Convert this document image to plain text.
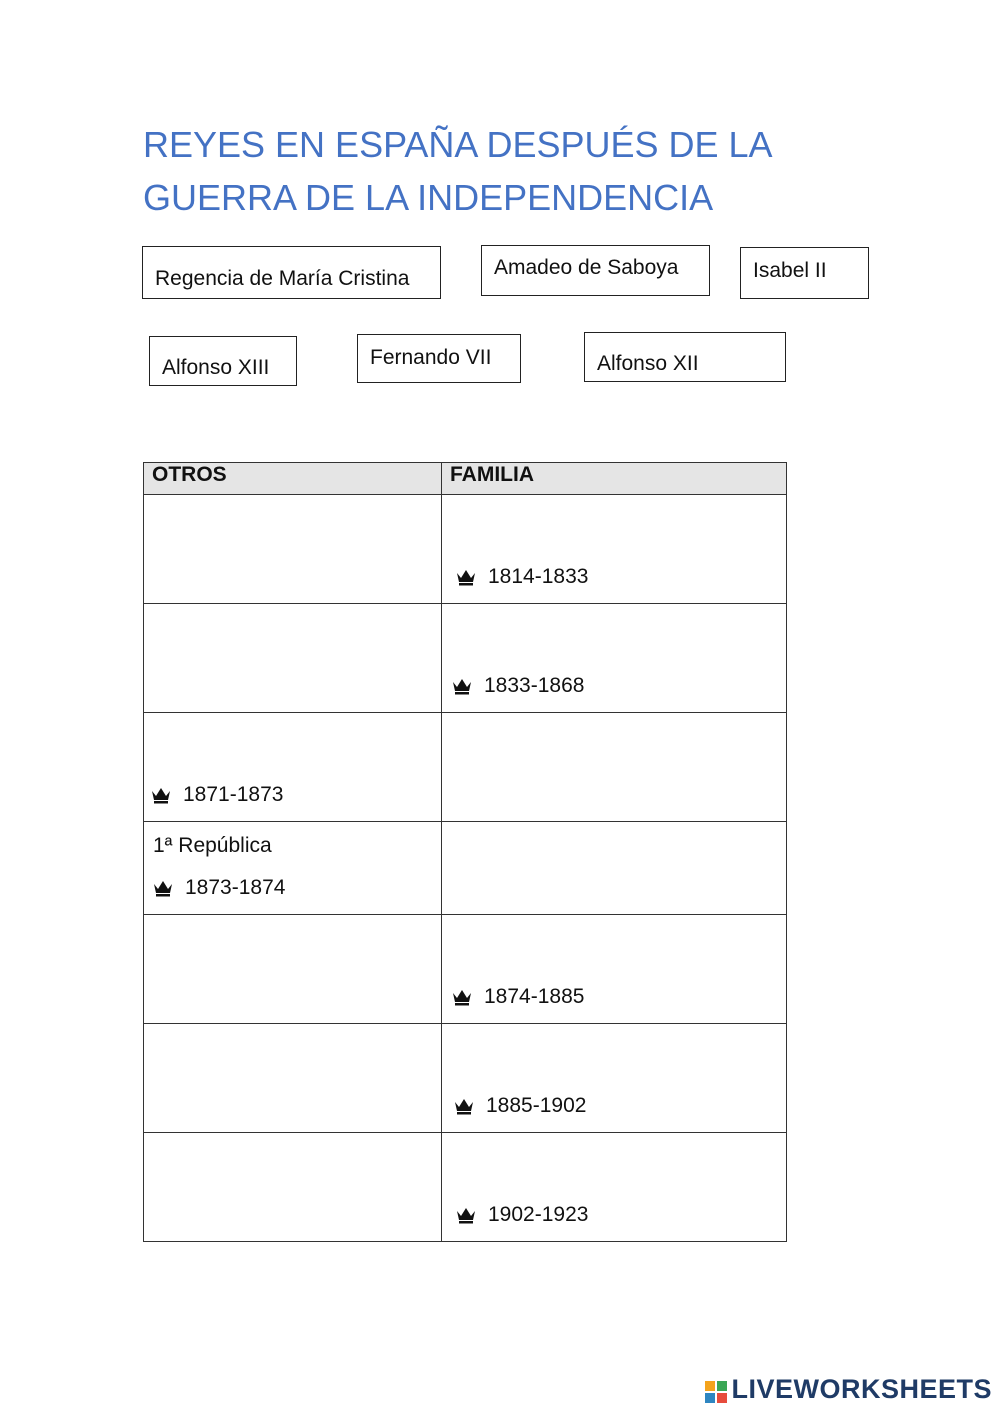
REYES EN ESPAÑA DESPUÉS DE LA GUERRA DE LA INDEPENDENCIA
Regencia de María Cristina	Amadeo de Saboya	Isabel II
Alfonso XIII	Fernando VII	Alfonso XII
OTROS	FAMILIA

	1814-1833

	1833-1868

1871-1873	

1ª República
1873-1874	

	1874-1885

	1885-1902

	1902-1923
LIVEWORKSHEETS
